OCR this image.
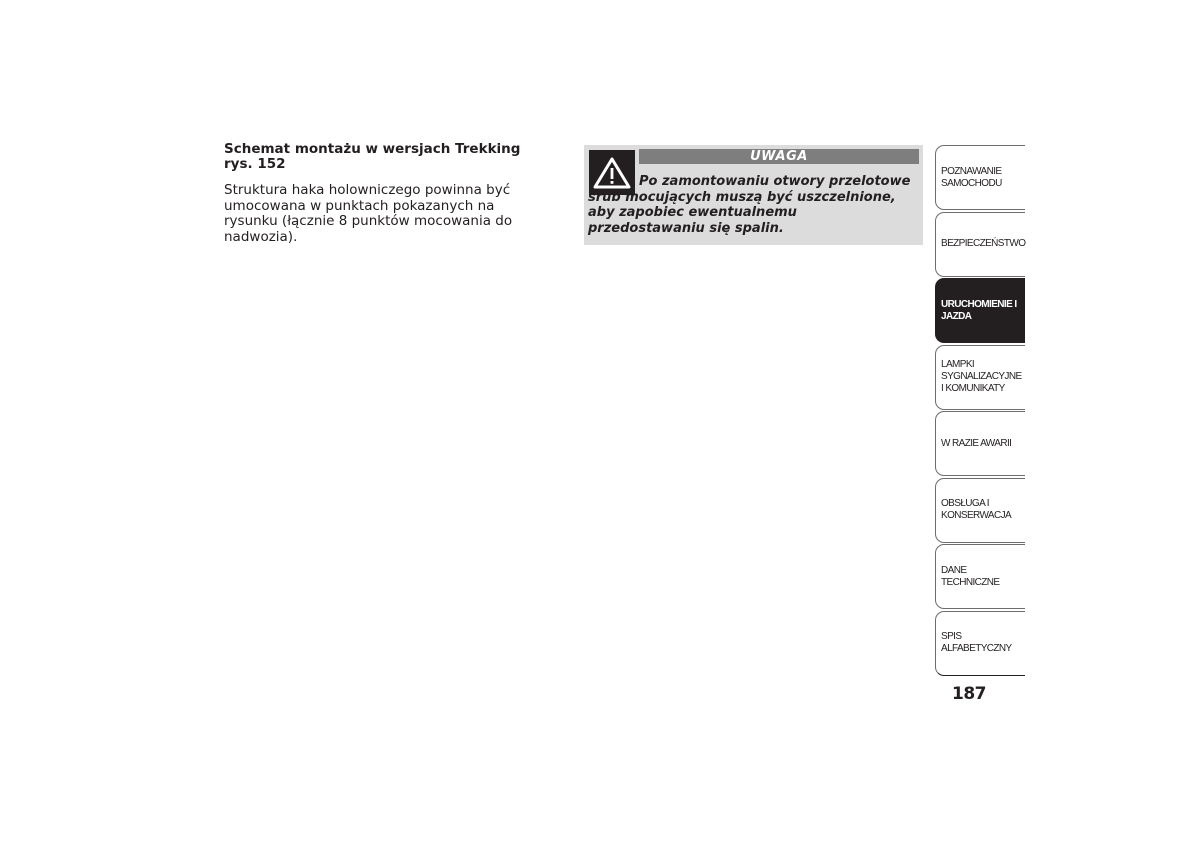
Schemat montażu w wersjach Trekking
rys. 152

Struktura haka holowniczego powinna być umocowana w punktach pokazanych na rysunku (łącznie 8 punktów mocowania do nadwozia).

UWAGA
Po zamontowaniu otwory przelotowe śrub mocujących muszą być uszczelnione, aby zapobiec ewentualnemu przedostawaniu się spalin.
POZNAWANIE SAMOCHODU
BEZPIECZEŃSTWO
URUCHOMIENIE I JAZDA
LAMPKI SYGNALIZACYJNE I KOMUNIKATY
W RAZIE AWARII
OBSŁUGA I KONSERWACJA
DANE TECHNICZNE
SPIS ALFABETYCZNY
187
